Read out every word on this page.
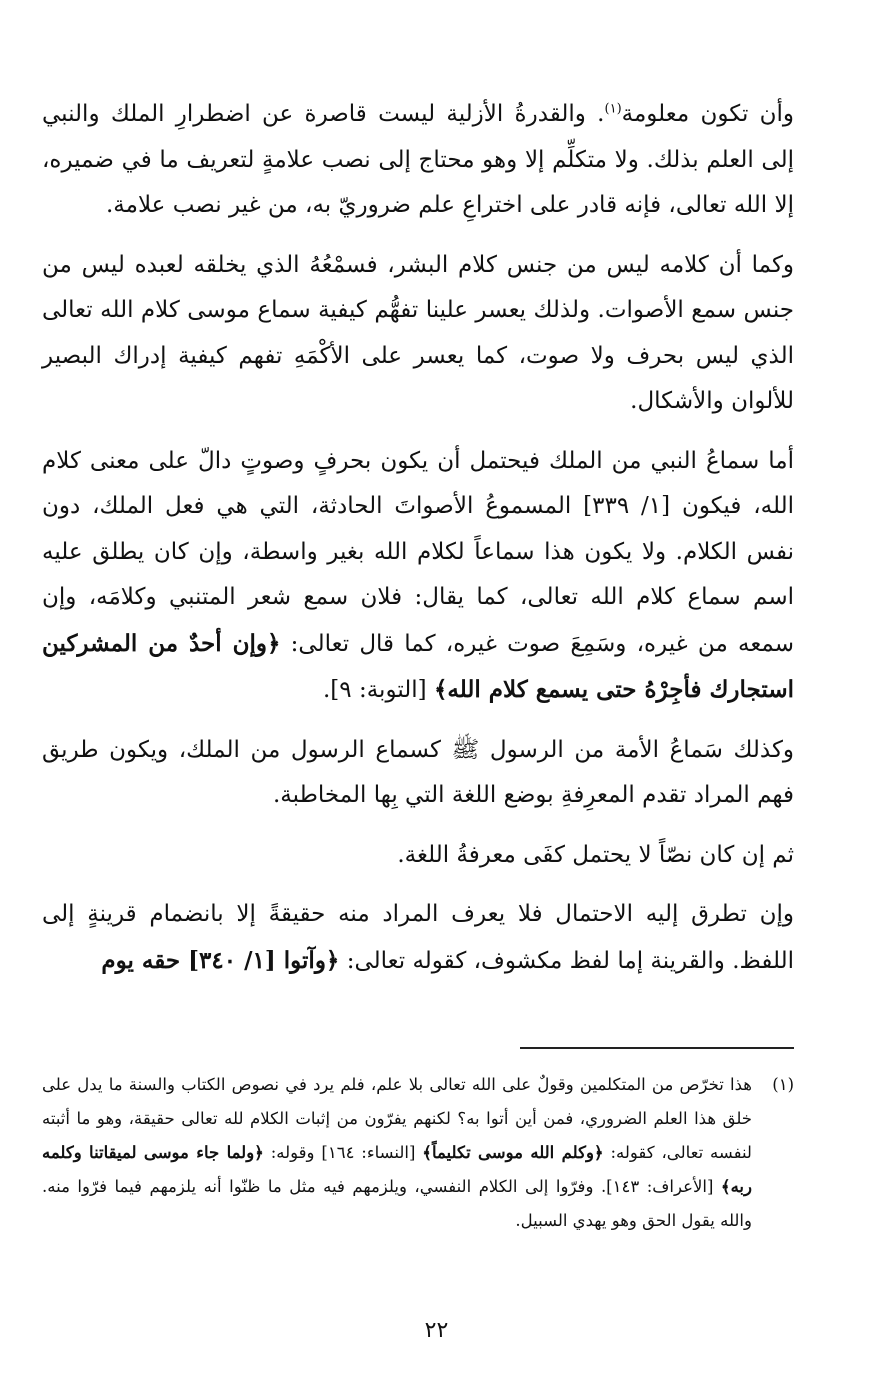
وأن تكون معلومة$^{(١)}$. والقدرةُ الأزلية ليست قاصرة عن اضطرارِ الملك والنبي إلى العلم بذلك. ولا متكلِّم إلا وهو محتاج إلى نصب علامةٍ لتعريف ما في ضميره، إلا الله تعالى، فإنه قادر على اختراعِ علم ضروريّ به، من غير نصب علامة.

وكما أن كلامه ليس من جنس كلام البشر، فسمْعُهُ الذي يخلقه لعبده ليس من جنس سمع الأصوات. ولذلك يعسر علينا تفهُّم كيفية سماع موسى كلام الله تعالى الذي ليس بحرف ولا صوت، كما يعسر على الأكْمَهِ تفهم كيفية إدراك البصير للألوان والأشكال.

أما سماعُ النبي من الملك فيحتمل أن يكون بحرفٍ وصوتٍ دالّ على معنى كلام الله، فيكون [١/ ٣٣٩] المسموعُ الأصواتَ الحادثة، التي هي فعل الملك، دون نفس الكلام. ولا يكون هذا سماعاً لكلام الله بغير واسطة، وإن كان يطلق عليه اسم سماع كلام الله تعالى، كما يقال: فلان سمع شعر المتنبي وكلامَه، وإن سمعه من غيره، وسَمِعَ صوت غيره، كما قال تعالى: ﴿وإن أحدٌ من المشركين استجارك فأجِرْهُ حتى يسمع كلام الله﴾ [التوبة: ٩].

وكذلك سَماعُ الأمة من الرسول ﷺ كسماع الرسول من الملك، ويكون طريق فهم المراد تقدم المعرِفةِ بوضع اللغة التي بِها المخاطبة.

ثم إن كان نصّاً لا يحتمل كفَى معرفةُ اللغة.

وإن تطرق إليه الاحتمال فلا يعرف المراد منه حقيقةً إلا بانضمام قرينةٍ إلى اللفظ. والقرينة إما لفظ مكشوف، كقوله تعالى: ﴿وآتوا [١/ ٣٤٠] حقه يوم

(١)
هذا تخرّص من المتكلمين وقولٌ على الله تعالى بلا علم، فلم يرد في نصوص الكتاب والسنة ما يدل على خلق هذا العلم الضروري، فمن أين أتوا به؟ لكنهم يفرّون من إثبات الكلام لله تعالى حقيقة، وهو ما أثبته لنفسه تعالى، كقوله: ﴿وكلم الله موسى تكليماً﴾ [النساء: ١٦٤] وقوله: ﴿ولما جاء موسى لميقاتنا وكلمه ربه﴾ [الأعراف: ١٤٣]. وفرّوا إلى الكلام النفسي، ويلزمهم فيه مثل ما ظنّوا أنه يلزمهم فيما فرّوا منه. والله يقول الحق وهو يهدي السبيل.
٢٢
